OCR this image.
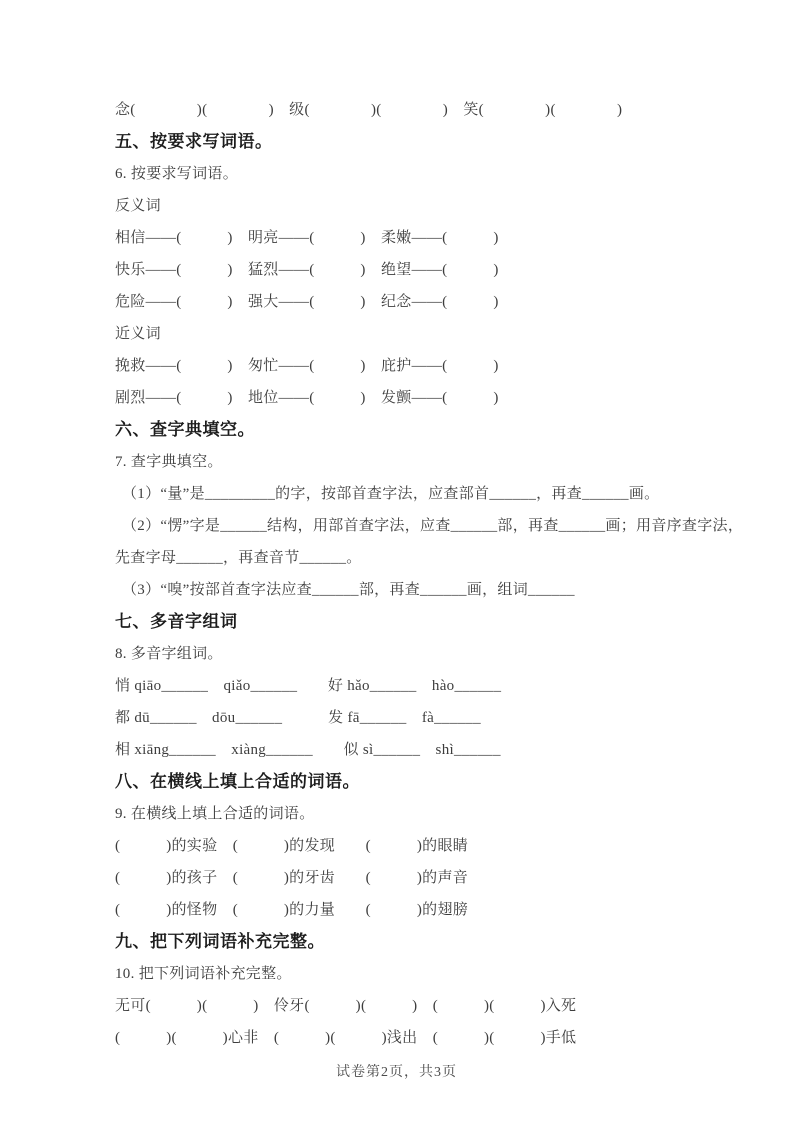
念(　　　　)(　　　　)　级(　　　　)(　　　　)　笑(　　　　)(　　　　)
五、按要求写词语。
6. 按要求写词语。
反义词
相信——(　　　)　明亮——(　　　)　柔嫩——(　　　)
快乐——(　　　)　猛烈——(　　　)　绝望——(　　　)
危险——(　　　)　强大——(　　　)　纪念——(　　　)
近义词
挽救——(　　　)　匆忙——(　　　)　庇护——(　　　)
剧烈——(　　　)　地位——(　　　)　发颤——(　　　)
六、查字典填空。
7. 查字典填空。
（1）“量”是_________的字，按部首查字法，应查部首______，再查______画。
（2）“愣”字是______结构，用部首查字法，应查______部，再查______画；用音序查字法，
先查字母______，再查音节______。
（3）“嗅”按部首查字法应查______部，再查______画，组词______
七、多音字组词
8. 多音字组词。
悄 qiāo______　qiǎo______　　好 hǎo______　hào______
都 dū______　dōu______　　　发 fā______　fà______
相 xiāng______　xiàng______　　似 sì______　shì______
八、在横线上填上合适的词语。
9. 在横线上填上合适的词语。
(　　　)的实验　(　　　)的发现　　(　　　)的眼睛
(　　　)的孩子　(　　　)的牙齿　　(　　　)的声音
(　　　)的怪物　(　　　)的力量　　(　　　)的翅膀
九、把下列词语补充完整。
10. 把下列词语补充完整。
无可(　　　)(　　　)　伶牙(　　　)(　　　)　(　　　)(　　　)入死
(　　　)(　　　)心非　(　　　)(　　　)浅出　(　　　)(　　　)手低
试卷第2页，共3页
